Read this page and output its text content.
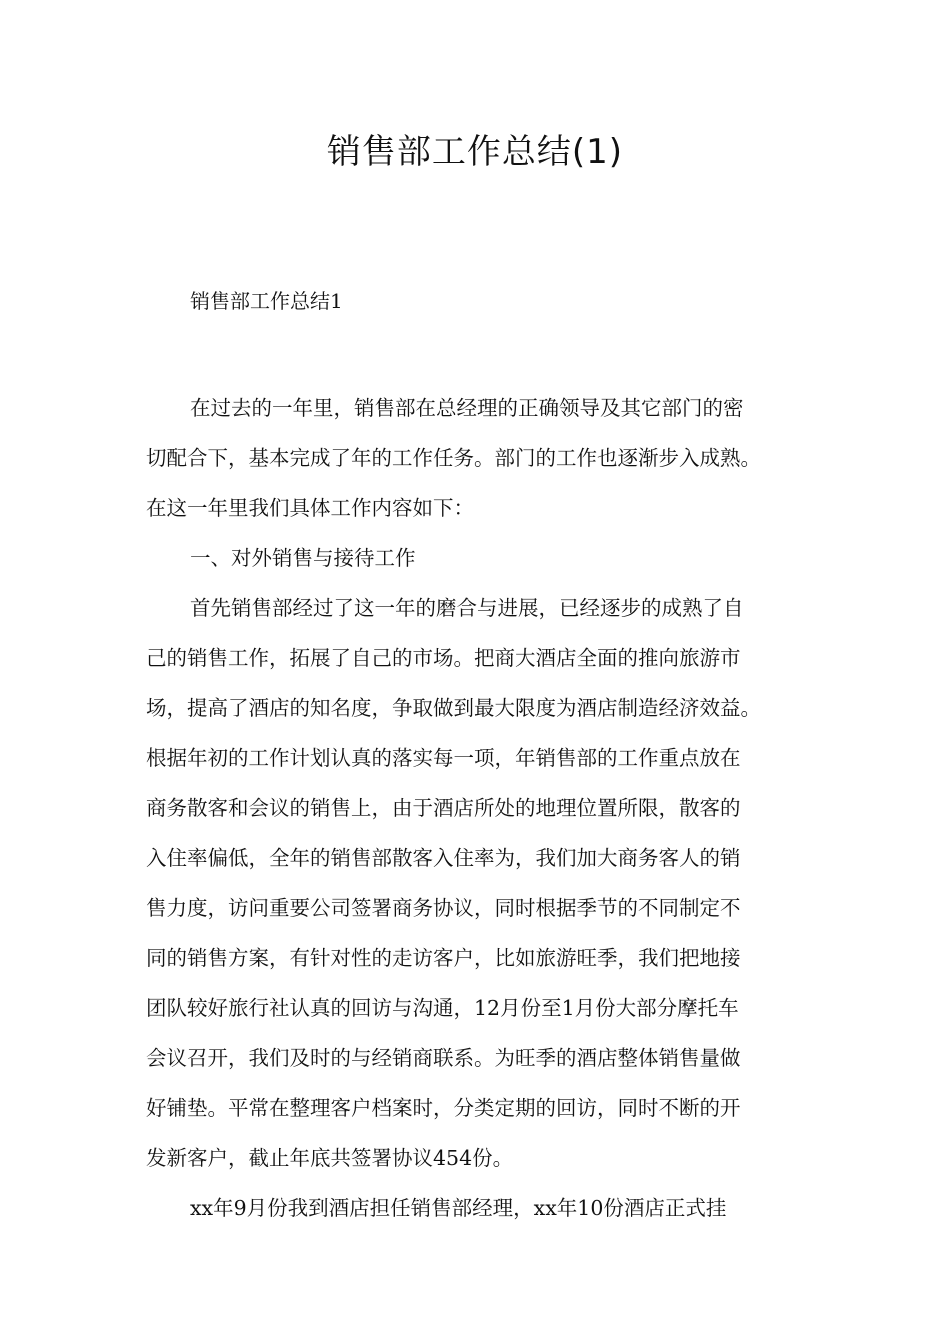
销售部工作总结(1)
销售部工作总结1
在过去的一年里，销售部在总经理的正确领导及其它部门的密
切配合下，基本完成了年的工作任务。部门的工作也逐渐步入成熟。
在这一年里我们具体工作内容如下：
一、对外销售与接待工作
首先销售部经过了这一年的磨合与进展，已经逐步的成熟了自
己的销售工作，拓展了自己的市场。把商大酒店全面的推向旅游市
场，提高了酒店的知名度，争取做到最大限度为酒店制造经济效益。
根据年初的工作计划认真的落实每一项，年销售部的工作重点放在
商务散客和会议的销售上，由于酒店所处的地理位置所限，散客的
入住率偏低，全年的销售部散客入住率为，我们加大商务客人的销
售力度，访问重要公司签署商务协议，同时根据季节的不同制定不
同的销售方案，有针对性的走访客户，比如旅游旺季，我们把地接
团队较好旅行社认真的回访与沟通，12月份至1月份大部分摩托车
会议召开，我们及时的与经销商联系。为旺季的酒店整体销售量做
好铺垫。平常在整理客户档案时，分类定期的回访，同时不断的开
发新客户，截止年底共签署协议454份。
xx年9月份我到酒店担任销售部经理，xx年10份酒店正式挂
